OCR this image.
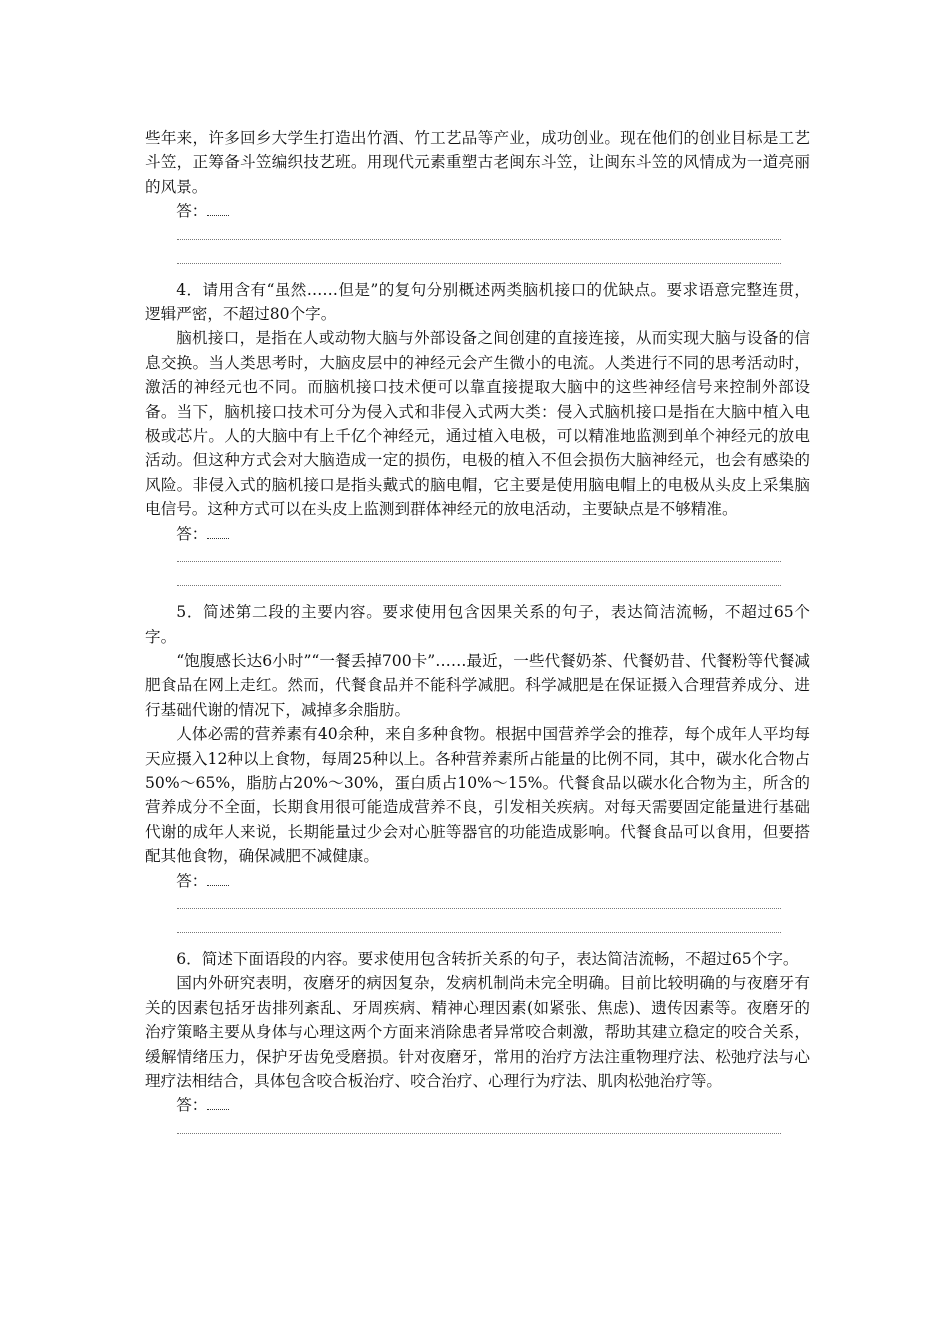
些年来，许多回乡大学生打造出竹酒、竹工艺品等产业，成功创业。现在他们的创业目标是工艺斗笠，正筹备斗笠编织技艺班。用现代元素重塑古老闽东斗笠，让闽东斗笠的风情成为一道亮丽的风景。

答：

4．请用含有“虽然……但是”的复句分别概述两类脑机接口的优缺点。要求语意完整连贯，逻辑严密，不超过80个字。

脑机接口，是指在人或动物大脑与外部设备之间创建的直接连接，从而实现大脑与设备的信息交换。当人类思考时，大脑皮层中的神经元会产生微小的电流。人类进行不同的思考活动时，激活的神经元也不同。而脑机接口技术便可以靠直接提取大脑中的这些神经信号来控制外部设备。当下，脑机接口技术可分为侵入式和非侵入式两大类：侵入式脑机接口是指在大脑中植入电极或芯片。人的大脑中有上千亿个神经元，通过植入电极，可以精准地监测到单个神经元的放电活动。但这种方式会对大脑造成一定的损伤，电极的植入不但会损伤大脑神经元，也会有感染的风险。非侵入式的脑机接口是指头戴式的脑电帽，它主要是使用脑电帽上的电极从头皮上采集脑电信号。这种方式可以在头皮上监测到群体神经元的放电活动，主要缺点是不够精准。

答：

5．简述第二段的主要内容。要求使用包含因果关系的句子，表达简洁流畅，不超过65个字。

“饱腹感长达6小时”“一餐丢掉700卡”……最近，一些代餐奶茶、代餐奶昔、代餐粉等代餐减肥食品在网上走红。然而，代餐食品并不能科学减肥。科学减肥是在保证摄入合理营养成分、进行基础代谢的情况下，减掉多余脂肪。

人体必需的营养素有40余种，来自多种食物。根据中国营养学会的推荐，每个成年人平均每天应摄入12种以上食物，每周25种以上。各种营养素所占能量的比例不同，其中，碳水化合物占50%～65%，脂肪占20%～30%，蛋白质占10%～15%。代餐食品以碳水化合物为主，所含的营养成分不全面，长期食用很可能造成营养不良，引发相关疾病。对每天需要固定能量进行基础代谢的成年人来说，长期能量过少会对心脏等器官的功能造成影响。代餐食品可以食用，但要搭配其他食物，确保减肥不减健康。

答：

6．简述下面语段的内容。要求使用包含转折关系的句子，表达简洁流畅，不超过65个字。

国内外研究表明，夜磨牙的病因复杂，发病机制尚未完全明确。目前比较明确的与夜磨牙有关的因素包括牙齿排列紊乱、牙周疾病、精神心理因素(如紧张、焦虑)、遗传因素等。夜磨牙的治疗策略主要从身体与心理这两个方面来消除患者异常咬合刺激，帮助其建立稳定的咬合关系，缓解情绪压力，保护牙齿免受磨损。针对夜磨牙，常用的治疗方法注重物理疗法、松弛疗法与心理疗法相结合，具体包含咬合板治疗、咬合治疗、心理行为疗法、肌肉松弛治疗等。

答：
